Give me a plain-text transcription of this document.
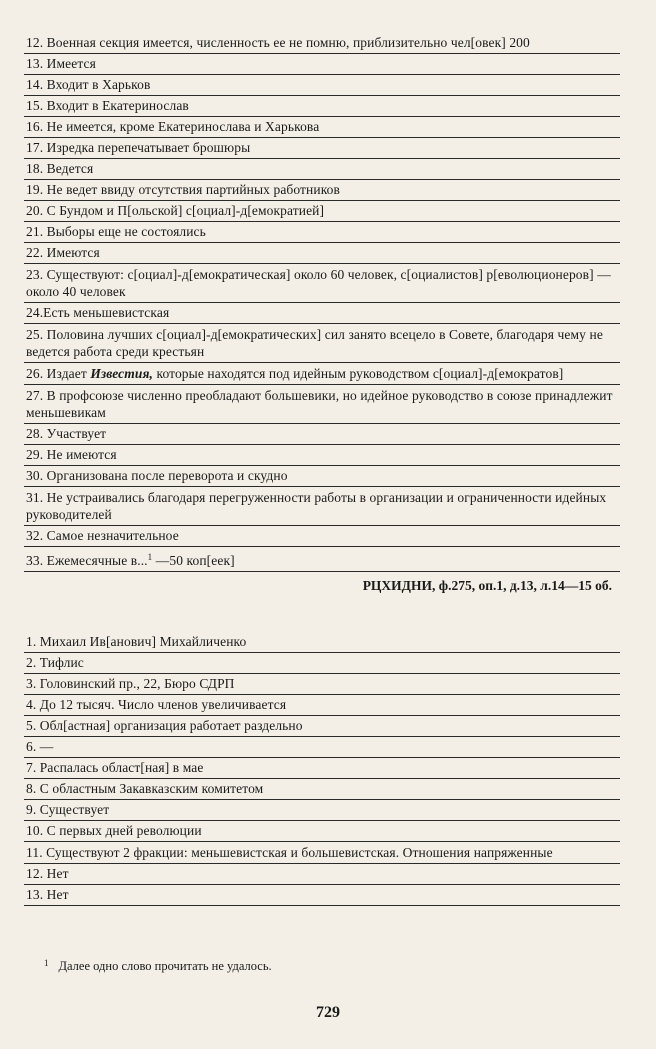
12. Военная секция имеется, численность ее не помню, приблизительно чел[овек] 200
13. Имеется
14. Входит в Харьков
15. Входит в Екатеринослав
16. Не имеется, кроме Екатеринослава и Харькова
17. Изредка перепечатывает брошюры
18. Ведется
19. Не ведет ввиду отсутствия партийных работников
20. С Бундом и П[ольской] с[оциал]-д[емократией]
21. Выборы еще не состоялись
22. Имеются
23. Существуют: с[оциал]-д[емократическая] около 60 человек, с[оциалистов] р[еволюционеров] — около 40 человек
24.Есть меньшевистская
25. Половина лучших с[оциал]-д[емократических] сил занято всецело в Совете, благодаря чему не ведется работа среди крестьян
26. Издает Известия, которые находятся под идейным руководством с[оциал]-д[емократов]
27. В профсоюзе численно преобладают большевики, но идейное руководство в союзе принадлежит меньшевикам
28. Участвует
29. Не имеются
30. Организована после переворота и скудно
31. Не устраивались благодаря перегруженности работы в организации и ограниченности идейных руководителей
32. Самое незначительное
33. Ежемесячные в...$^1$ —50 коп[еек]
РЦХИДНИ, ф.275, оп.1, д.13, л.14—15 об.
1. Михаил Ив[анович] Михайличенко
2. Тифлис
3. Головинский пр., 22, Бюро СДРП
4. До 12 тысяч. Число членов увеличивается
5. Обл[астная] организация работает раздельно
6. —
7. Распалась област[ная] в мае
8. С областным Закавказским комитетом
9. Существует
10. С первых дней революции
11. Существуют 2 фракции: меньшевистская и большевистская. Отношения напряженные
12. Нет
13. Нет
$^1$ Далее одно слово прочитать не удалось.
729
